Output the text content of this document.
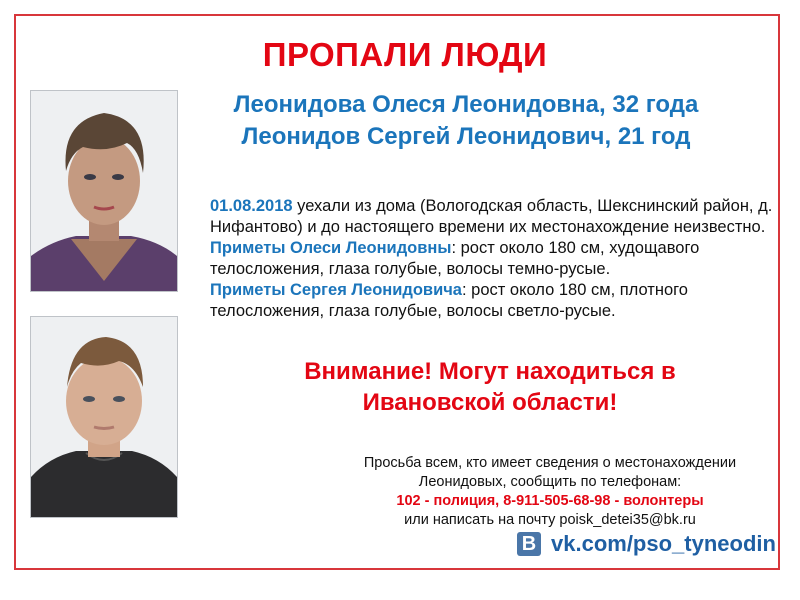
ПРОПАЛИ ЛЮДИ
Леонидова Олеся Леонидовна, 32 года
Леонидов Сергей Леонидович, 21 год

01.08.2018 уехали из дома (Вологодская область, Шекснинский район, д. Нифантово) и до настоящего времени их местонахождение неизвестно.

Приметы Олеси Леонидовны: рост около 180 см, худощавого телосложения, глаза голубые, волосы темно-русые.

Приметы Сергея Леонидовича: рост около 180 см, плотного телосложения, глаза голубые, волосы светло-русые.

Внимание! Могут находиться в
Ивановской области!
Просьба всем, кто имеет сведения о местонахождении
Леонидовых, сообщить по телефонам:
102 - полиция, 8-911-505-68-98 - волонтеры
или написать на почту poisk_detei35@bk.ru
B vk.com/pso_tyneodin
